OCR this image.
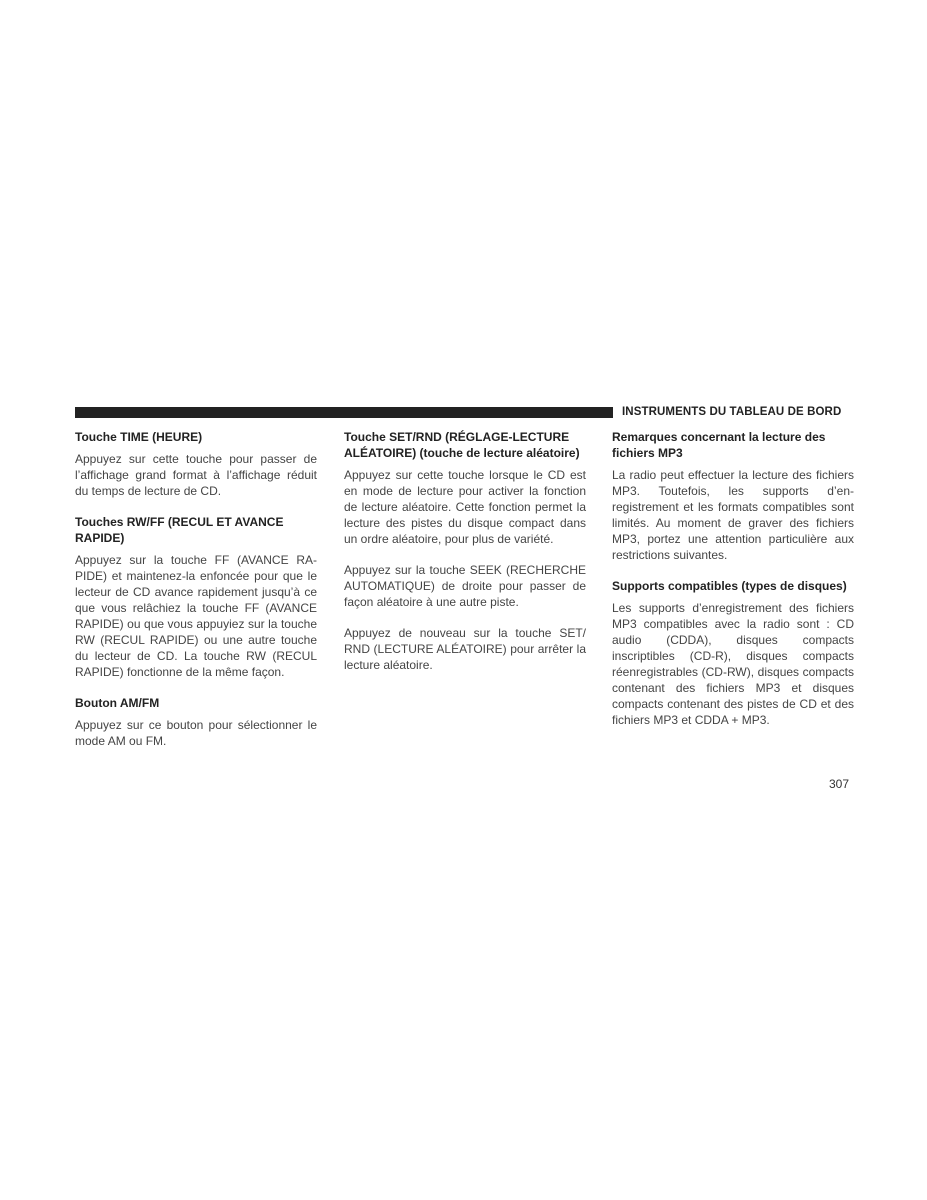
INSTRUMENTS DU TABLEAU DE BORD
Touche TIME (HEURE)

Appuyez sur cette touche pour passer de l’affichage grand format à l’affichage réduit du temps de lecture de CD.

Touches RW/FF (RECUL ET AVANCE RAPIDE)

Appuyez sur la touche FF (AVANCE RAPIDE) et maintenez-la enfoncée pour que le lecteur de CD avance rapidement jusqu’à ce que vous relâchiez la touche FF (AVANCE RAPIDE) ou que vous appuyiez sur la touche RW (RECUL RAPIDE) ou une autre touche du lecteur de CD. La touche RW (RECUL RAPIDE) fonctionne de la même façon.

Bouton AM/FM

Appuyez sur ce bouton pour sélectionner le mode AM ou FM.

Touche SET/RND (RÉGLAGE-LECTURE ALÉATOIRE) (touche de lecture aléatoire)

Appuyez sur cette touche lorsque le CD est en mode de lecture pour activer la fonction de lecture aléatoire. Cette fonction permet la lecture des pistes du disque compact dans un ordre aléatoire, pour plus de variété.

Appuyez sur la touche SEEK (RECHERCHE AUTOMATIQUE) de droite pour passer de façon aléatoire à une autre piste.

Appuyez de nouveau sur la touche SET/ RND (LECTURE ALÉATOIRE) pour arrêter la lecture aléatoire.

Remarques concernant la lecture des fichiers MP3

La radio peut effectuer la lecture des fichiers MP3. Toutefois, les supports d’enregistrement et les formats compatibles sont limités. Au moment de graver des fichiers MP3, portez une attention particulière aux restrictions suivantes.

Supports compatibles (types de disques)

Les supports d’enregistrement des fichiers MP3 compatibles avec la radio sont : CD audio (CDDA), disques compacts inscriptibles (CD-R), disques compacts réenregistrables (CD-RW), disques compacts contenant des fichiers MP3 et disques compacts contenant des pistes de CD et des fichiers MP3 et CDDA + MP3.

307
